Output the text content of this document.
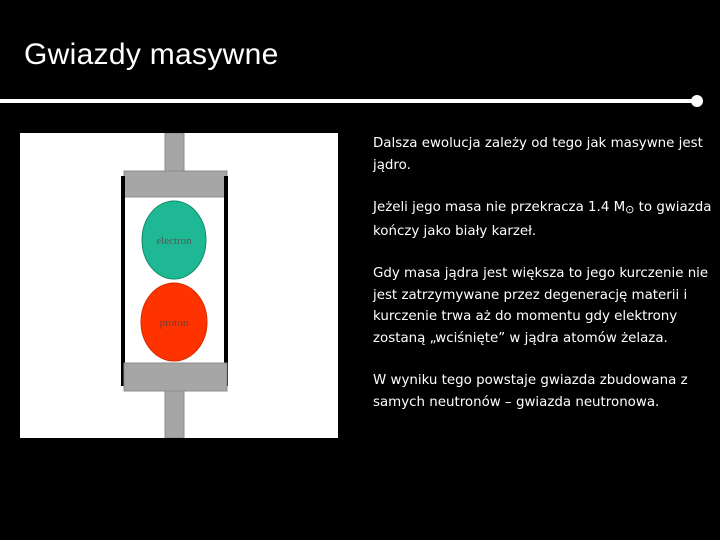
Gwiazdy masywne
electron
proton

Dalsza ewolucja zależy od tego jak masywne jest jądro.

Jeżeli jego masa nie przekracza 1.4 $M_⊙$ to gwiazda kończy jako biały karzeł.

Gdy masa jądra jest większa to jego kurczenie nie jest zatrzymywane przez degenerację materii i kurczenie trwa aż do momentu gdy elektrony zostaną „wciśnięte” w jądra atomów żelaza.

W wyniku tego powstaje gwiazda zbudowana z samych neutronów – gwiazda neutronowa.
